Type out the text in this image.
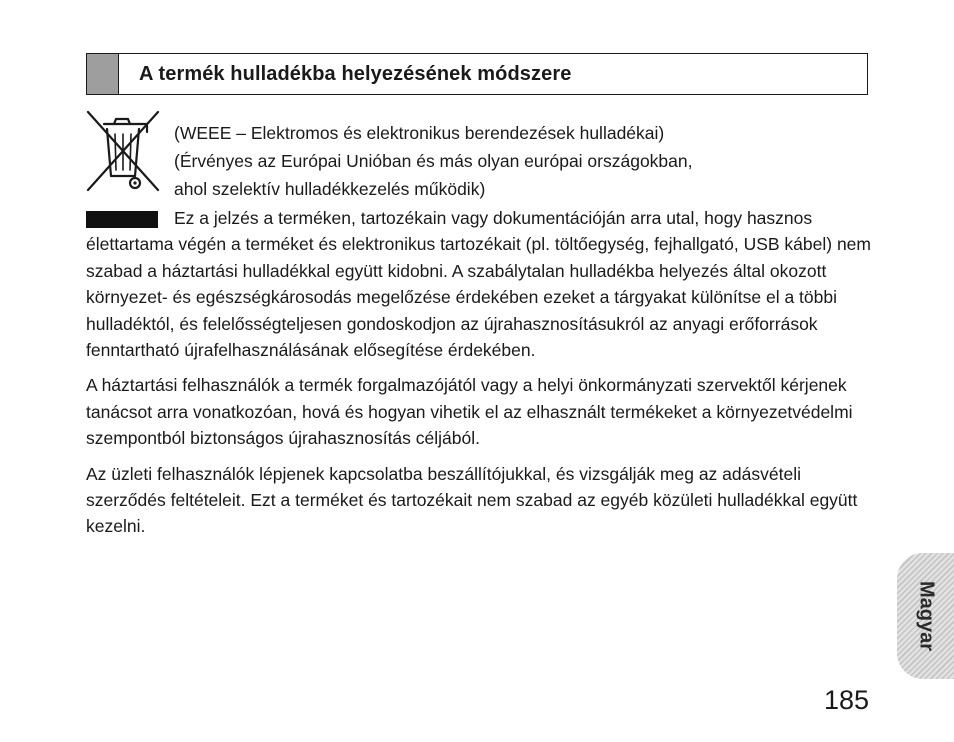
A termék hulladékba helyezésének módszere
(WEEE – Elektromos és elektronikus berendezések hulladékai)
(Érvényes az Európai Unióban és más olyan európai országokban,
ahol szelektív hulladékkezelés működik)

Ez a jelzés a terméken, tartozékain vagy dokumentációján arra utal, hogy hasznos élettartama végén a terméket és elektronikus tartozékait (pl. töltőegység, fejhallgató, USB kábel) nem szabad a háztartási hulladékkal együtt kidobni. A szabálytalan hulladékba helyezés által okozott környezet- és egészségkárosodás megelőzése érdekében ezeket a tárgyakat különítse el a többi hulladéktól, és felelősségteljesen gondoskodjon az újrahasznosításukról az anyagi erőforrások fenntartható újrafelhasználásának elősegítése érdekében.

A háztartási felhasználók a termék forgalmazójától vagy a helyi önkormányzati szervektől kérjenek tanácsot arra vonatkozóan, hová és hogyan vihetik el az elhasznált termékeket a környezetvédelmi szempontból biztonságos újrahasznosítás céljából.

Az üzleti felhasználók lépjenek kapcsolatba beszállítójukkal, és vizsgálják meg az adásvételi szerződés feltételeit. Ezt a terméket és tartozékait nem szabad az egyéb közületi hulladékkal együtt kezelni.

Magyar
185
